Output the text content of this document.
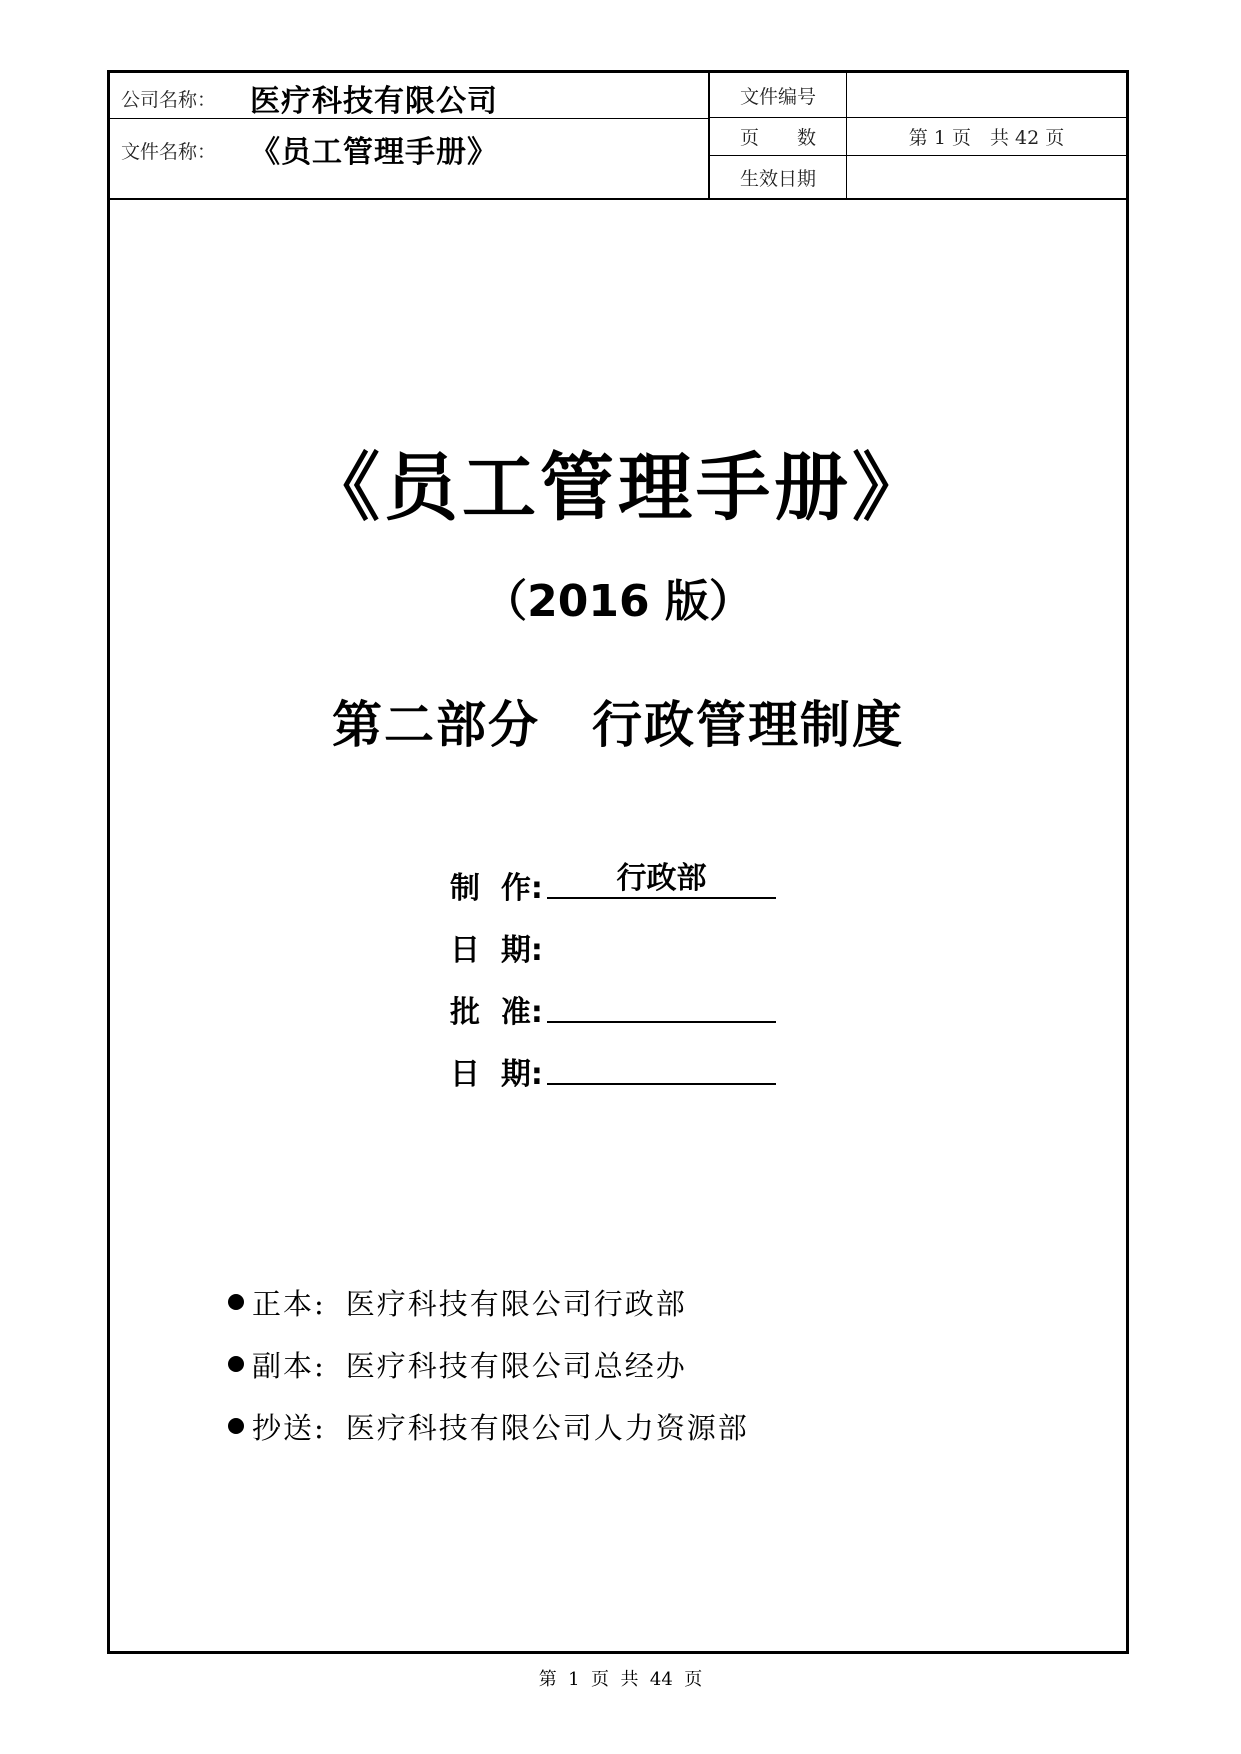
公司名称： 医疗科技有限公司
文件名称： 《员工管理手册》
文件编号
页　　数	第 1 页　共 42 页
生效日期
《员工管理手册》
（2016 版）
第二部分　行政管理制度
制  作:	行政部
日  期:
批  准:
日  期:
正本: 医疗科技有限公司行政部
副本: 医疗科技有限公司总经办
抄送: 医疗科技有限公司人力资源部
第  1  页  共  44  页
